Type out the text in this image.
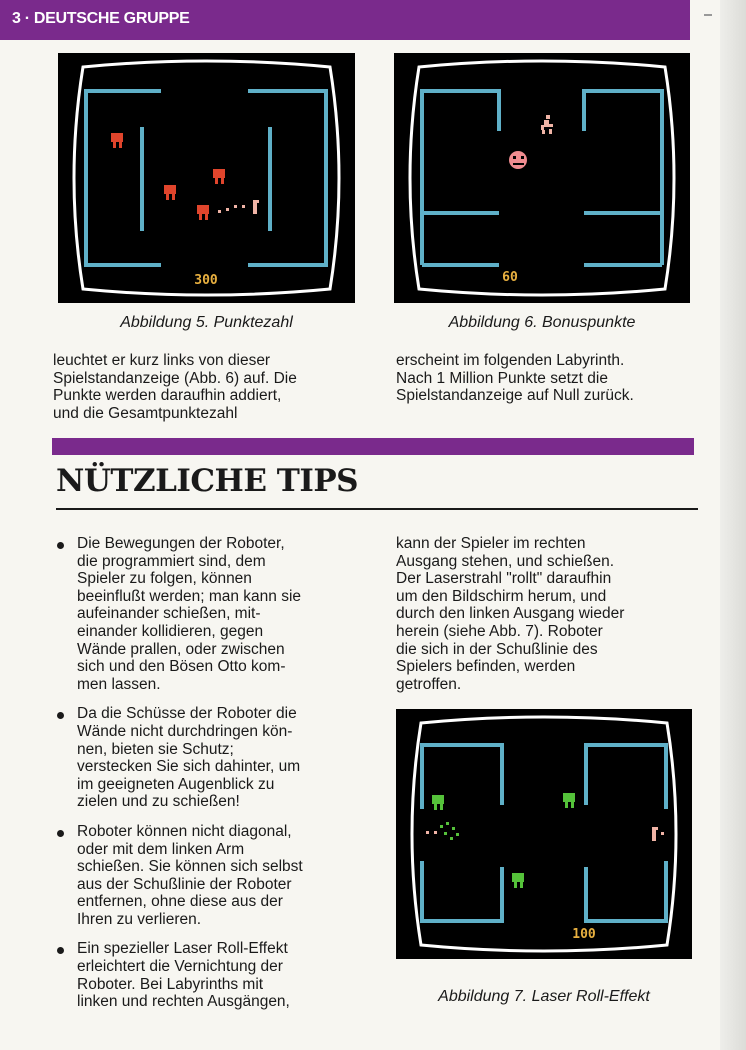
3 · DEUTSCHE GRUPPE
300
Abbildung 5. Punktezahl
60
Abbildung 6. Bonuspunkte

leuchtet er kurz links von dieser

Spielstandanzeige (Abb. 6) auf. Die

Punkte werden daraufhin addiert,

und die Gesamtpunktezahl

erscheint im folgenden Labyrinth.

Nach 1 Million Punkte setzt die

Spielstandanzeige auf Null zurück.

NÜTZLICHE TIPS

Die Bewegungen der Roboter,

die programmiert sind, dem

Spieler zu folgen, können

beeinflußt werden; man kann sie

aufeinander schießen, mit-

einander kollidieren, gegen

Wände prallen, oder zwischen

sich und den Bösen Otto kom-

men lassen.

Da die Schüsse der Roboter die

Wände nicht durchdringen kön-

nen, bieten sie Schutz;

verstecken Sie sich dahinter, um

im geeigneten Augenblick zu

zielen und zu schießen!

Roboter können nicht diagonal,

oder mit dem linken Arm

schießen. Sie können sich selbst

aus der Schußlinie der Roboter

entfernen, ohne diese aus der

Ihren zu verlieren.

Ein spezieller Laser Roll-Effekt

erleichtert die Vernichtung der

Roboter. Bei Labyrinths mit

linken und rechten Ausgängen,

kann der Spieler im rechten

Ausgang stehen, und schießen.

Der Laserstrahl "rollt" daraufhin

um den Bildschirm herum, und

durch den linken Ausgang wieder

herein (siehe Abb. 7). Roboter

die sich in der Schußlinie des

Spielers befinden, werden

getroffen.

100
Abbildung 7. Laser Roll-Effekt
